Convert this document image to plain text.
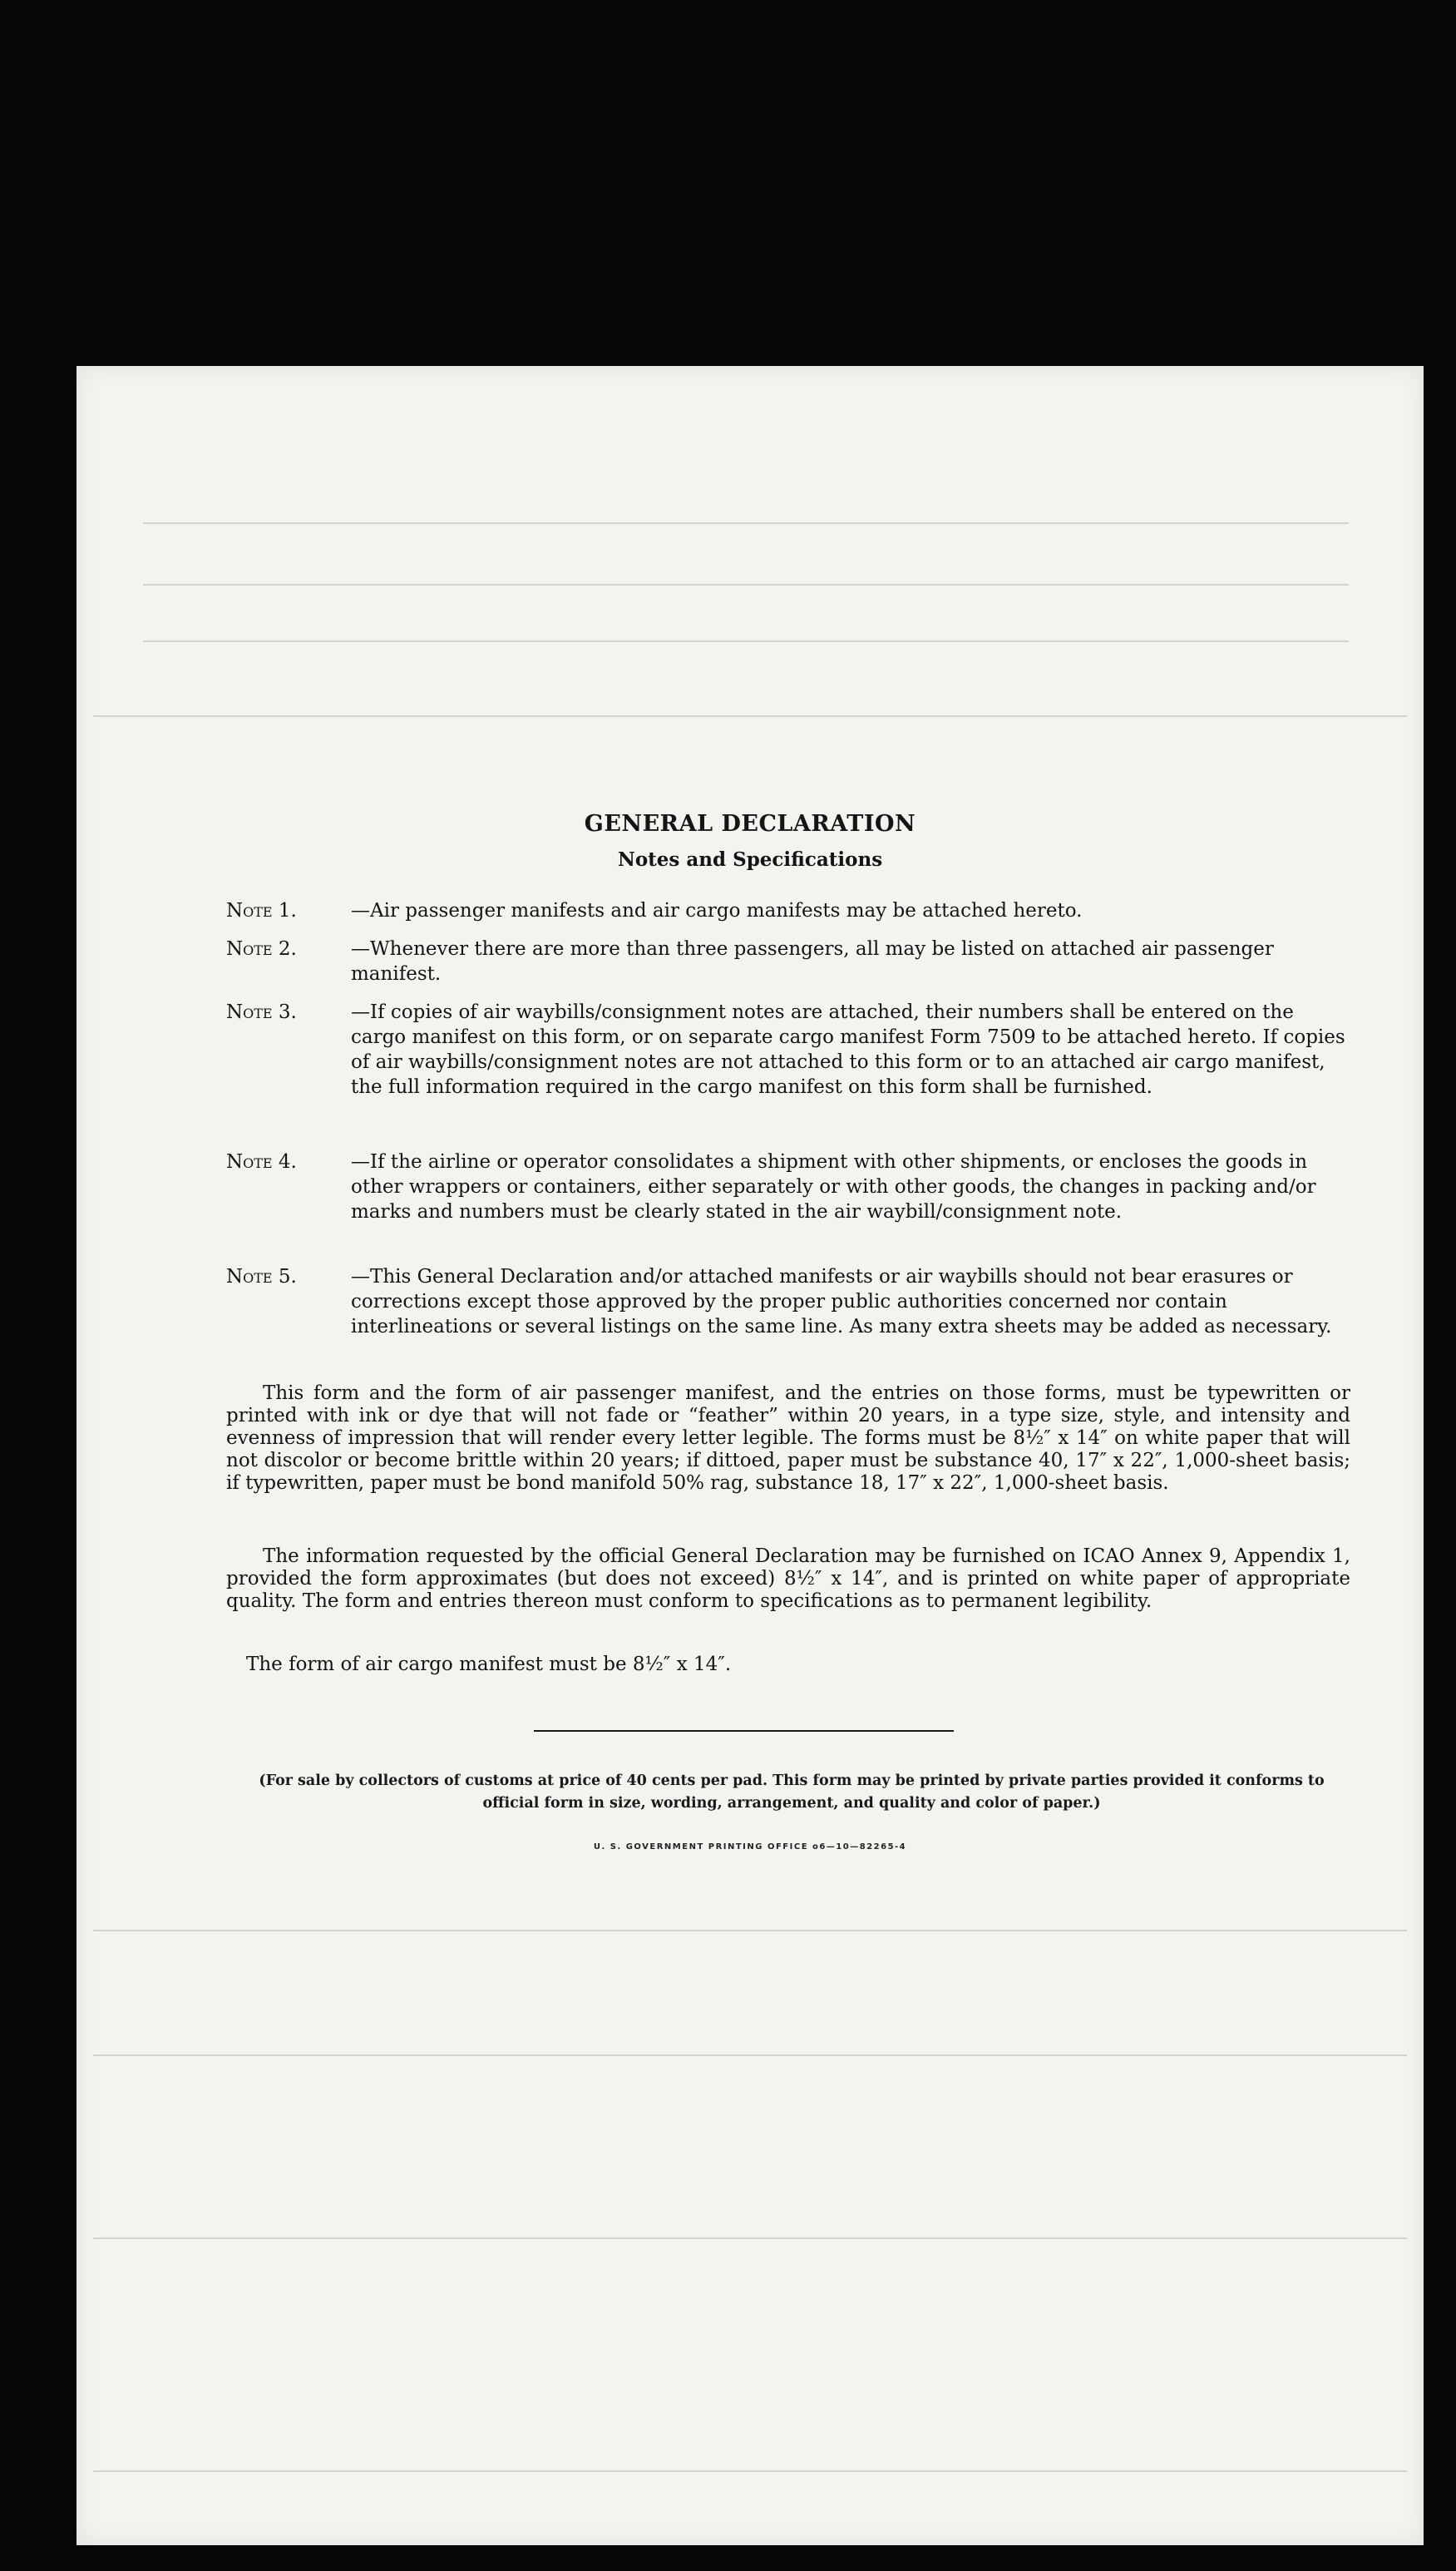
GENERAL DECLARATION
Notes and Specifications
Note 1.	—Air passenger manifests and air cargo manifests may be attached hereto.
Note 2.	—Whenever there are more than three passengers, all may be listed on attached air passenger manifest.
Note 3.	—If copies of air waybills/consignment notes are attached, their numbers shall be entered on the cargo manifest on this form, or on separate cargo manifest Form 7509 to be attached hereto. If copies of air waybills/consignment notes are not attached to this form or to an attached air cargo manifest, the full information required in the cargo manifest on this form shall be furnished.
Note 4.	—If the airline or operator consolidates a shipment with other shipments, or encloses the goods in other wrappers or containers, either separately or with other goods, the changes in packing and/or marks and numbers must be clearly stated in the air waybill/consignment note.
Note 5.	—This General Declaration and/or attached manifests or air waybills should not bear erasures or corrections except those approved by the proper public authorities concerned nor contain interlineations or several listings on the same line. As many extra sheets may be added as necessary.
This form and the form of air passenger manifest, and the entries on those forms, must be typewritten or printed with ink or dye that will not fade or “feather” within 20 years, in a type size, style, and intensity and evenness of impression that will render every letter legible. The forms must be 8½″ x 14″ on white paper that will not discolor or become brittle within 20 years; if dittoed, paper must be substance 40, 17″ x 22″, 1,000-sheet basis; if typewritten, paper must be bond manifold 50% rag, substance 18, 17″ x 22″, 1,000-sheet basis.
The information requested by the official General Declaration may be furnished on ICAO Annex 9, Appendix 1, provided the form approximates (but does not exceed) 8½″ x 14″, and is printed on white paper of appropriate quality. The form and entries thereon must conform to specifications as to permanent legibility.
The form of air cargo manifest must be 8½″ x 14″.
(For sale by collectors of customs at price of 40 cents per pad. This form may be printed by private parties provided it conforms to official form in size, wording, arrangement, and quality and color of paper.)
U. S. GOVERNMENT PRINTING OFFICE o6—10—82265-4
